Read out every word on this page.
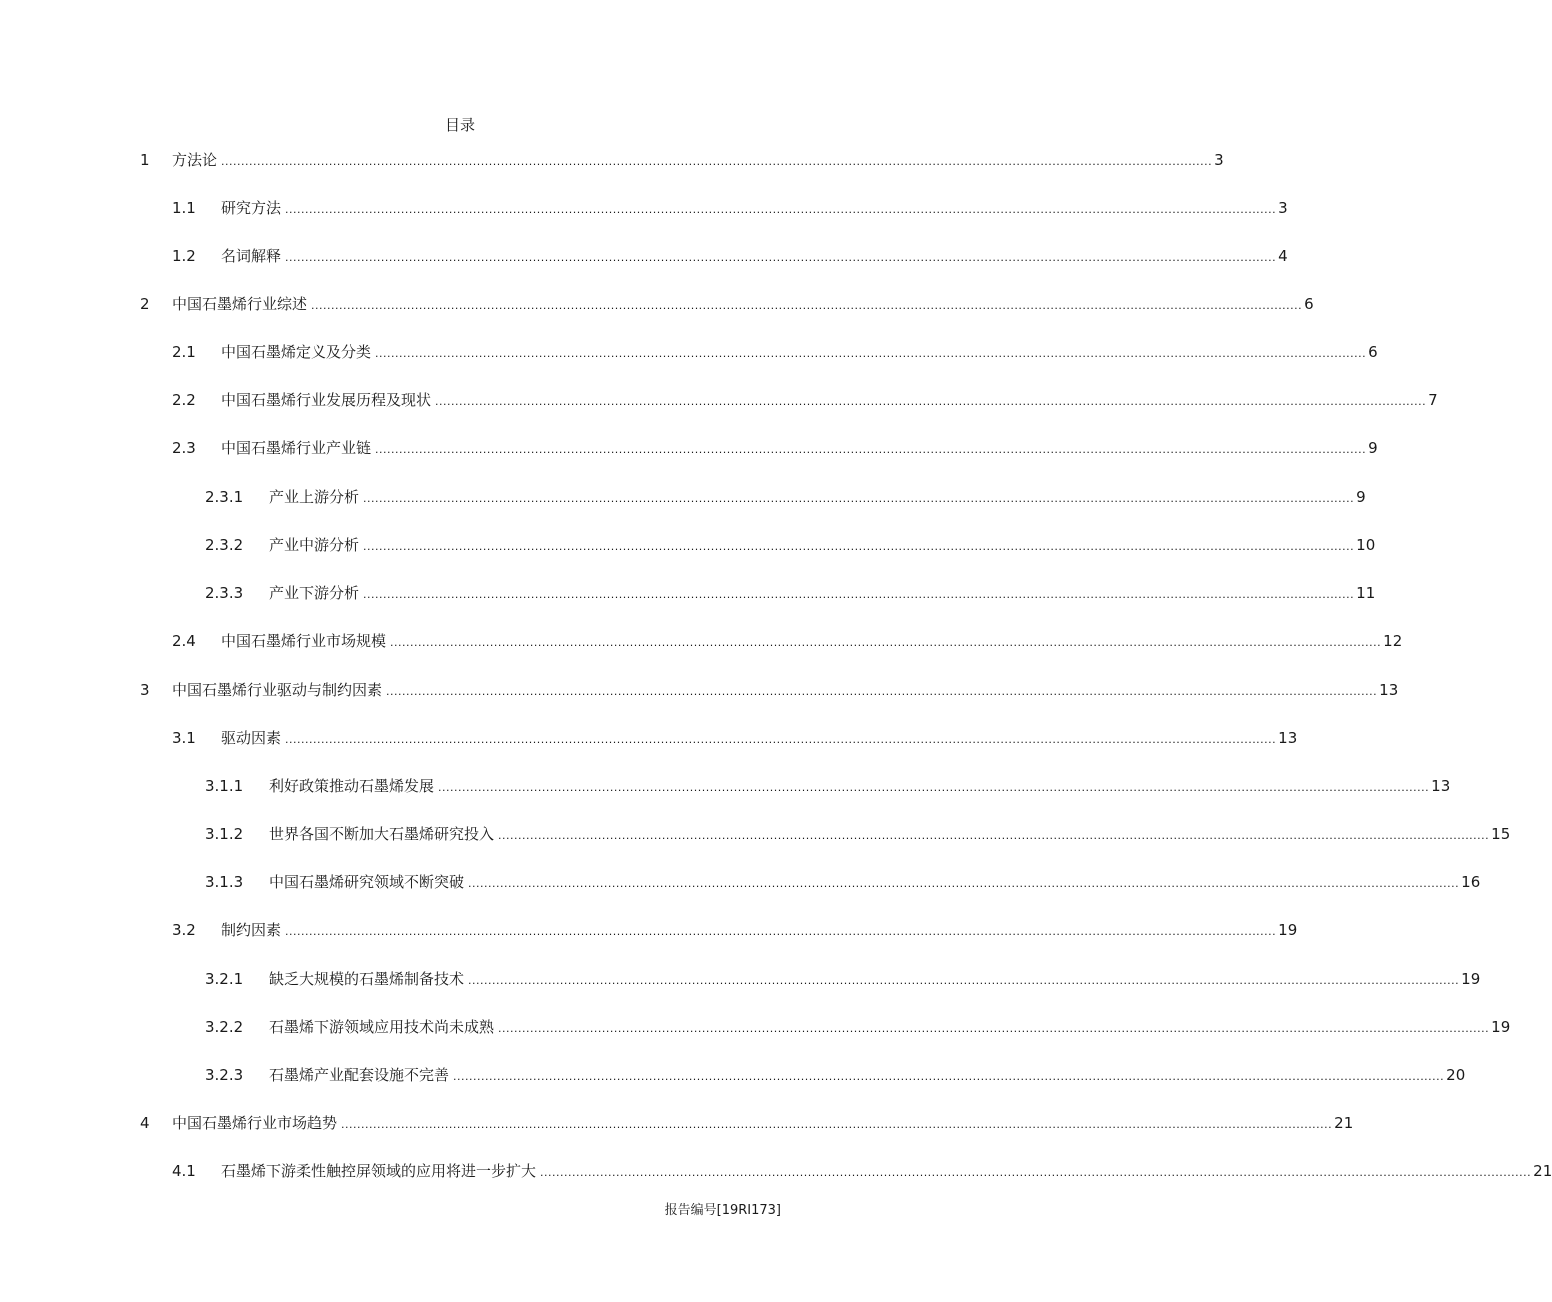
目录
1	方法论 ........................................................................................................................................................................................................................................................ 3
1.1	研究方法 ........................................................................................................................................................................................................................................................ 3
1.2	名词解释 ........................................................................................................................................................................................................................................................ 4
2	中国石墨烯行业综述 ........................................................................................................................................................................................................................................................ 6
2.1	中国石墨烯定义及分类 ........................................................................................................................................................................................................................................................ 6
2.2	中国石墨烯行业发展历程及现状 ........................................................................................................................................................................................................................................................ 7
2.3	中国石墨烯行业产业链 ........................................................................................................................................................................................................................................................ 9
2.3.1	产业上游分析 ........................................................................................................................................................................................................................................................ 9
2.3.2	产业中游分析 ........................................................................................................................................................................................................................................................ 10
2.3.3	产业下游分析 ........................................................................................................................................................................................................................................................ 11
2.4	中国石墨烯行业市场规模 ........................................................................................................................................................................................................................................................ 12
3	中国石墨烯行业驱动与制约因素 ........................................................................................................................................................................................................................................................ 13
3.1	驱动因素 ........................................................................................................................................................................................................................................................ 13
3.1.1	利好政策推动石墨烯发展 ........................................................................................................................................................................................................................................................ 13
3.1.2	世界各国不断加大石墨烯研究投入 ........................................................................................................................................................................................................................................................ 15
3.1.3	中国石墨烯研究领域不断突破 ........................................................................................................................................................................................................................................................ 16
3.2	制约因素 ........................................................................................................................................................................................................................................................ 19
3.2.1	缺乏大规模的石墨烯制备技术 ........................................................................................................................................................................................................................................................ 19
3.2.2	石墨烯下游领域应用技术尚未成熟 ........................................................................................................................................................................................................................................................ 19
3.2.3	石墨烯产业配套设施不完善 ........................................................................................................................................................................................................................................................ 20
4	中国石墨烯行业市场趋势 ........................................................................................................................................................................................................................................................ 21
4.1	石墨烯下游柔性触控屏领域的应用将进一步扩大 ........................................................................................................................................................................................................................................................ 21
报告编号[19RI173]
